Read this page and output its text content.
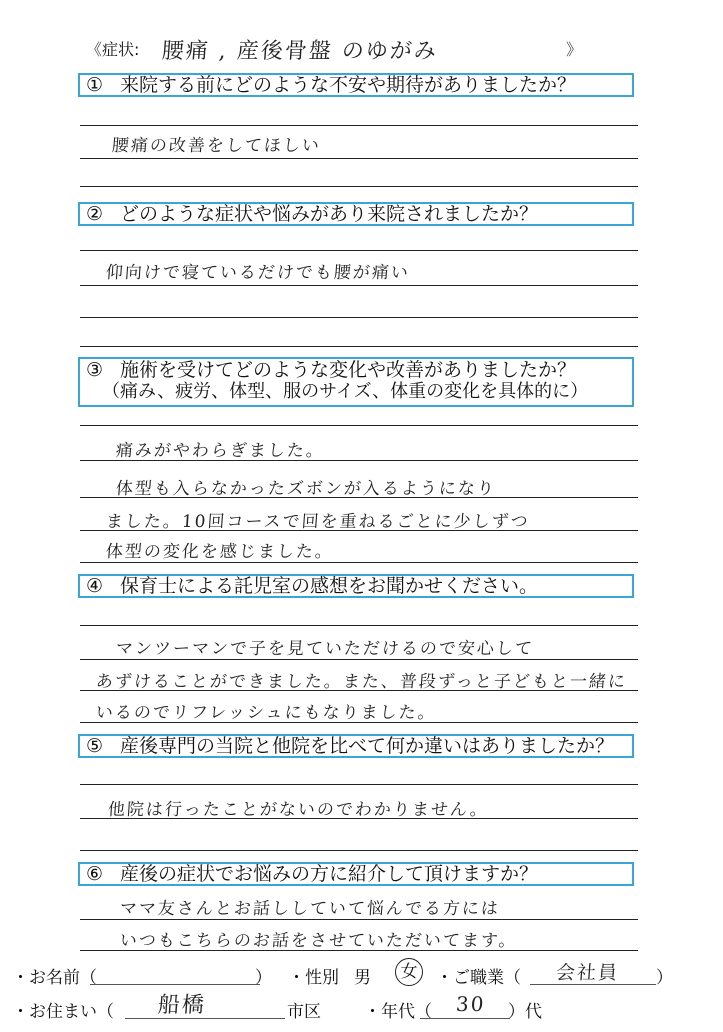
《症状: 腰痛 , 産後骨盤 のゆがみ	》
① 来院する前にどのような不安や期待がありましたか？
腰痛の改善をしてほしい
② どのような症状や悩みがあり来院されましたか？
仰向けで寝ているだけでも腰が痛い
③ 施術を受けてどのような変化や改善がありましたか？
（痛み、疲労、体型、服のサイズ、体重の変化を具体的に）
痛みがやわらぎました。
体型も入らなかったズボンが入るようになり
ました。10回コースで回を重ねるごとに少しずつ
体型の変化を感じました。
④ 保育士による託児室の感想をお聞かせください。
マンツーマンで子を見ていただけるので安心して
あずけることができました。また、普段ずっと子どもと一緒に
いるのでリフレッシュにもなりました。
⑤ 産後専門の当院と他院を比べて何か違いはありましたか？
他院は行ったことがないのでわかりません。
⑥ 産後の症状でお悩みの方に紹介して頂けますか？
ママ友さんとお話ししていて悩んでる方には
いつもこちらのお話をさせていただいてます。
・お名前（	） ・性別 男	女	・ご職業（ 会社員 ）
・お住まい（ 船橋	市区	・年代（ 30 ）代
